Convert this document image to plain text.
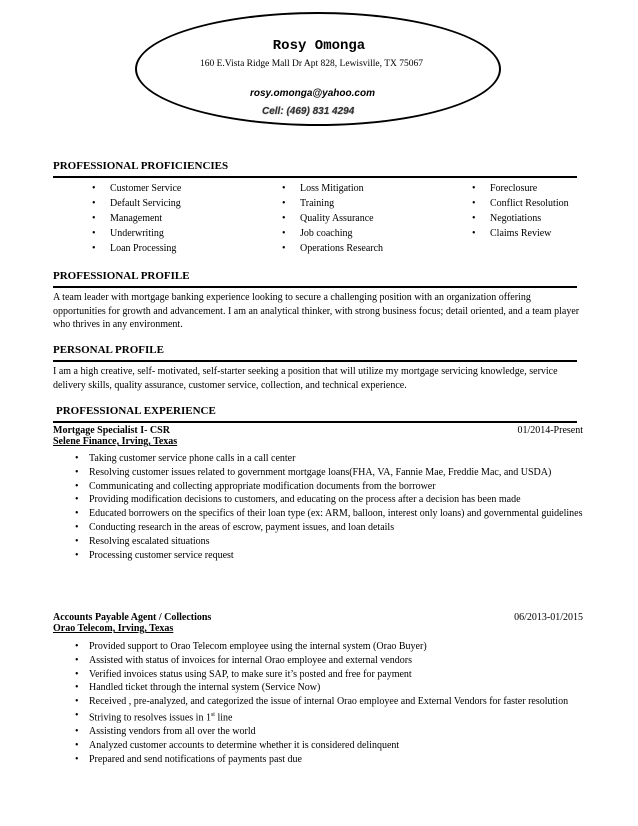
Rosy Omonga
160 E.Vista Ridge Mall Dr Apt 828, Lewisville, TX 75067
rosy.omonga@yahoo.com
Cell: (469) 831 4294
PROFESSIONAL PROFICIENCIES
• Customer Service
• Default Servicing
• Management
• Underwriting
• Loan Processing
• Loss Mitigation
• Training
• Quality Assurance
• Job coaching
• Operations Research
• Foreclosure
• Conflict Resolution
• Negotiations
• Claims Review
PROFESSIONAL PROFILE
A team leader with mortgage banking experience looking to secure a challenging position with an organization offering opportunities for growth and advancement. I am an analytical thinker, with strong business focus; detail oriented, and a team player who thrives in any environment.
PERSONAL PROFILE
I am a high creative, self- motivated, self-starter seeking a position that will utilize my mortgage servicing knowledge, service delivery skills, quality assurance, customer service, collection, and technical experience.
PROFESSIONAL EXPERIENCE
Mortgage Specialist I- CSR
Selene Finance, Irving, Texas
01/2014-Present
• Taking customer service phone calls in a call center
• Resolving customer issues related to government mortgage loans(FHA, VA, Fannie Mae, Freddie Mac, and USDA)
• Communicating and collecting appropriate modification documents from the borrower
• Providing modification decisions to customers, and educating on the process after a decision has been made
• Educated borrowers on the specifics of their loan type (ex: ARM, balloon, interest only loans) and governmental guidelines
• Conducting research in the areas of escrow, payment issues, and loan details
• Resolving escalated situations
• Processing customer service request
Accounts Payable Agent / Collections
Orao Telecom, Irving, Texas
06/2013-01/2015
• Provided support to Orao Telecom employee using the internal system (Orao Buyer)
• Assisted with status of invoices for internal Orao employee and external vendors
• Verified invoices status using SAP, to make sure it’s posted and free for payment
• Handled ticket through the internal system (Service Now)
• Received , pre-analyzed, and categorized the issue of internal Orao employee and External Vendors for faster resolution
• Striving to resolves issues in 1st line
• Assisting vendors from all over the world
• Analyzed customer accounts to determine whether it is considered delinquent
• Prepared and send notifications of payments past due
